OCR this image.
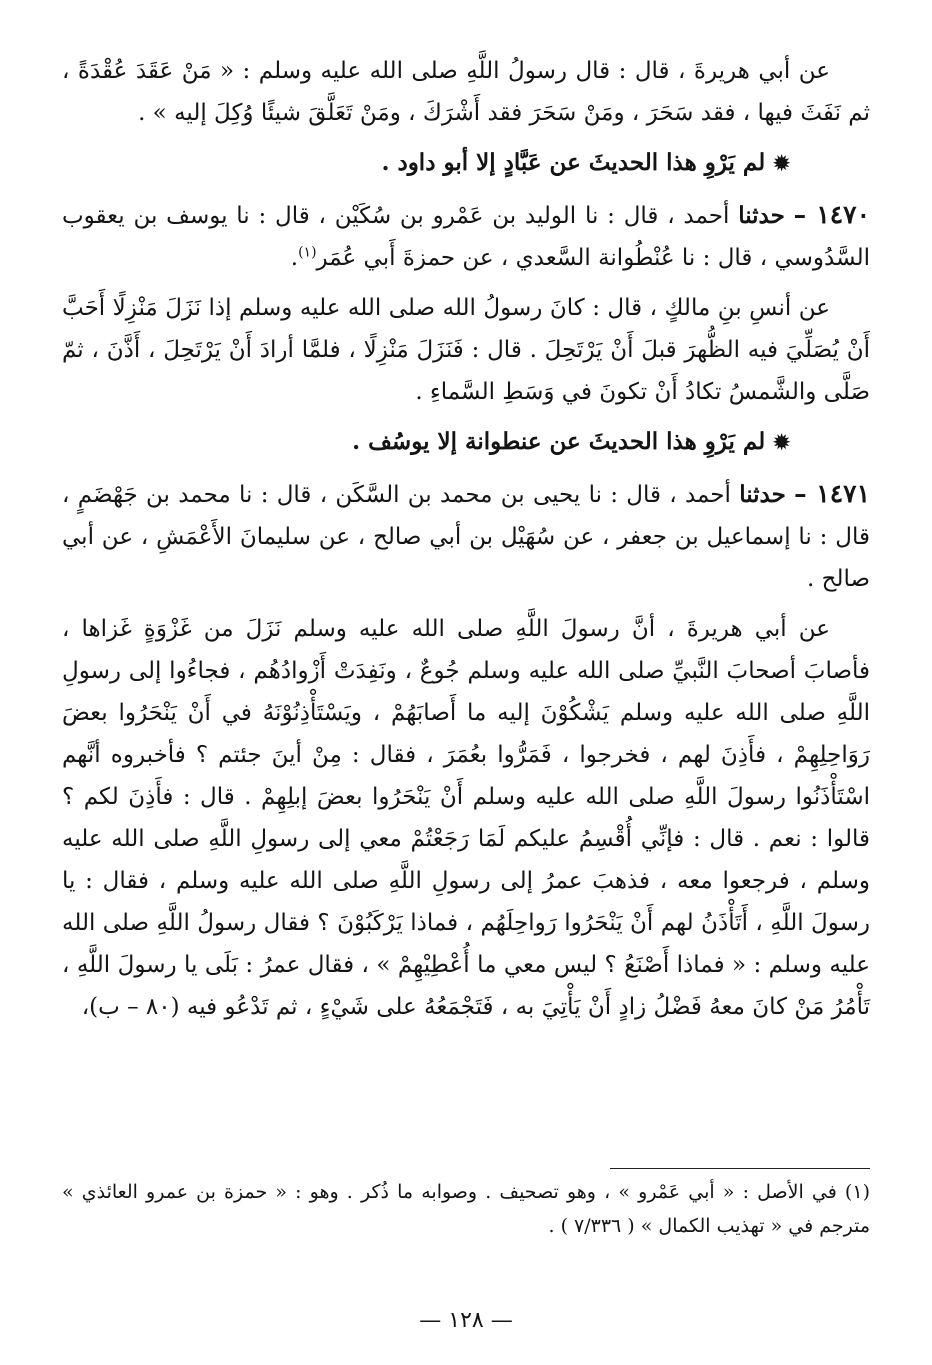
عن أبي هريرةَ ، قال : قال رسولُ اللَّهِ صلى الله عليه وسلم : « مَنْ عَقَدَ عُقْدَةً ، ثم نَفَثَ فيها ، فقد سَحَرَ ، ومَنْ سَحَرَ فقد أَشْرَكَ ، ومَنْ تَعَلَّقَ شيئًا وُكِلَ إليه » .

✹لم يَرْوِ هذا الحديثَ عن عَبَّادٍ إلا أبو داود .

١٤٧٠ – حدثنا أحمد ، قال : نا الوليد بن عَمْرو بن سُكَيْن ، قال : نا يوسف بن يعقوب السَّدُوسي ، قال : نا عُنْطُوانة السَّعدي ، عن حمزةَ أَبي عُمَر$^{(١)}$.

عن أنسِ بنِ مالكٍ ، قال : كانَ رسولُ الله صلى الله عليه وسلم إذا نَزَلَ مَنْزِلًا أَحَبَّ أَنْ يُصَلِّيَ فيه الظُّهرَ قبلَ أَنْ يَرْتَحِلَ . قال : فَنَزَلَ مَنْزِلًا ، فلمَّا أرادَ أَنْ يَرْتَحِلَ ، أَذَّنَ ، ثمّ صَلَّى والشَّمسُ تكادُ أَنْ تكونَ في وَسَطِ السَّماءِ .

✹لم يَرْوِ هذا الحديثَ عن عنطوانة إلا يوسُف .

١٤٧١ – حدثنا أحمد ، قال : نا يحيى بن محمد بن السَّكَن ، قال : نا محمد بن جَهْضَمٍ ، قال : نا إسماعيل بن جعفر ، عن سُهَيْل بن أبي صالح ، عن سليمانَ الأَعْمَشِ ، عن أبي صالح .

عن أبي هريرةَ ، أنَّ رسولَ اللَّهِ صلى الله عليه وسلم نَزَلَ من غَزْوَةٍ غَزاها ، فأصابَ أصحابَ النَّبيِّ صلى الله عليه وسلم جُوعٌ ، ونَفِدَتْ أَزْوادُهُم ، فجاءُوا إلى رسولِ اللَّهِ صلى الله عليه وسلم يَشْكُوْنَ إليه ما أَصابَهُمْ ، ويَسْتَأْذِنُوْنَهُ في أَنْ يَنْحَرُوا بعضَ رَوَاحِلِهِمْ ، فأَذِنَ لهم ، فخرجوا ، فَمَرُّوا بعُمَرَ ، فقال : مِنْ أينَ جئتم ؟ فأخبروه أنَّهم اسْتَأْذَنُوا رسولَ اللَّهِ صلى الله عليه وسلم أَنْ يَنْحَرُوا بعضَ إبلِهِمْ . قال : فأَذِنَ لكم ؟ قالوا : نعم . قال : فإنِّي أُقْسِمُ عليكم لَمَا رَجَعْتُمْ معي إلى رسولِ اللَّهِ صلى الله عليه وسلم ، فرجعوا معه ، فذهبَ عمرُ إلى رسولِ اللَّهِ صلى الله عليه وسلم ، فقال : يا رسولَ اللَّهِ ، أَتَأْذَنُ لهم أَنْ يَنْحَرُوا رَواحِلَهُم ، فماذا يَرْكَبُوْنَ ؟ فقال رسولُ اللَّهِ صلى الله عليه وسلم : « فماذا أَصْنَعُ ؟ ليس معي ما أُعْطِيْهِمْ » ، فقال عمرُ : بَلَى يا رسولَ اللَّهِ ، تَأْمُرُ مَنْ كانَ معهُ فَضْلُ زادٍ أَنْ يَأْتِيَ به ، فَتَجْمَعُهُ على شَيْءٍ ، ثم تَدْعُو فيه (٨٠ – ب)،

(١) في الأصل : « أبي عَمْرو » ، وهو تصحيف . وصوابه ما ذُكر . وهو : « حمزة بن عمرو العائذي » مترجم في « تهذيب الكمال » ( ٧/٣٣٦ ) .

— ١٢٨ —
